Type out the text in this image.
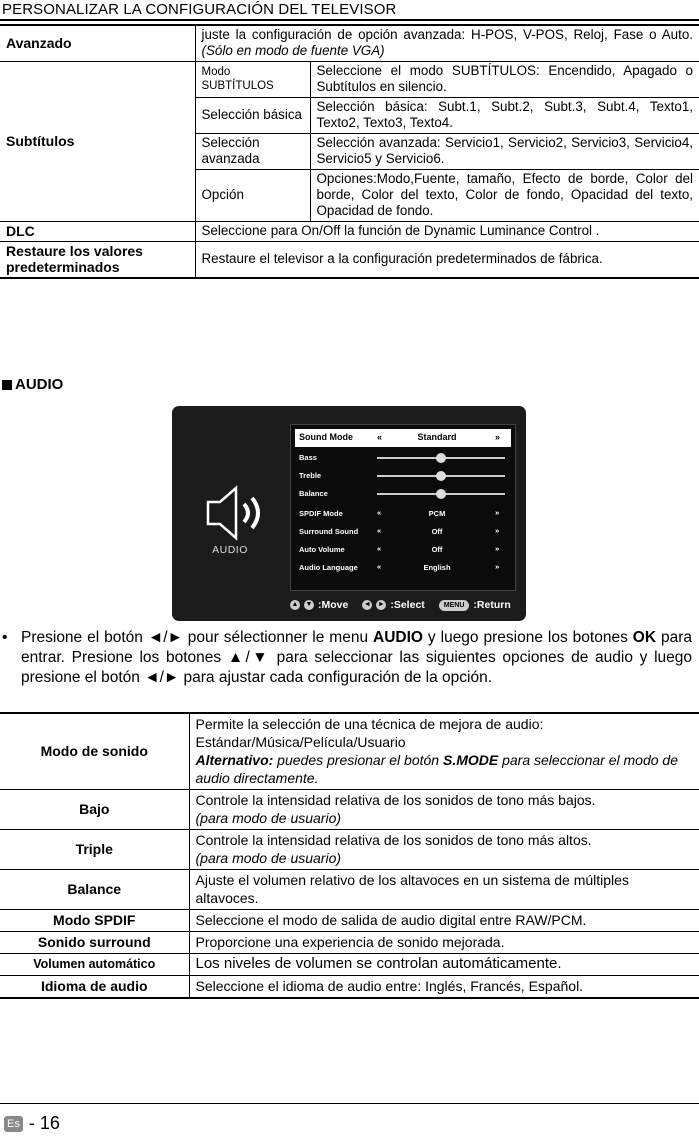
PERSONALIZAR LA CONFIGURACIÓN DEL TELEVISOR
Avanzado	juste la configuración de opción avanzada: H-POS, V-POS, Reloj, Fase o Auto. (Sólo en modo de fuente VGA)	
Subtítulos	Modo SUBTÍTULOS	Seleccione el modo SUBTÍTULOS: Encendido, Apagado o Subtítulos en silencio.
	Selección básica	Selección básica: Subt.1, Subt.2, Subt.3, Subt.4, Texto1, Texto2, Texto3, Texto4.
	Selección avanzada	Selección avanzada: Servicio1, Servicio2, Servicio3, Servicio4, Servicio5 y Servicio6.
	Opción	Opciones:Modo,Fuente, tamaño, Efecto de borde, Color del borde, Color del texto, Color de fondo, Opacidad del texto, Opacidad de fondo.
DLC	Seleccione para On/Off la función de Dynamic Luminance Control .	
Restaure los valores predeterminados	Restaure el televisor a la configuración predeterminados de fábrica.	
AUDIO
AUDIO
Sound Mode	«	Standard	»
Bass
Treble
Balance
SPDIF Mode	«	PCM	»
Surround Sound	«	Off	»
Auto Volume	«	Off	»
Audio Language	«	English	»
▲ ▼ :Move ◄ ► :Select	MENU :Return
• Presione el botón ◄/► pour sélectionner le menu AUDIO y luego presione los botones OK para entrar. Presione los botones ▲/▼ para seleccionar las siguientes opciones de audio y luego presione el botón ◄/► para ajustar cada configuración de la opción.
Modo de sonido	Permite la selección de una técnica de mejora de audio: Estándar/Música/Película/Usuario
Alternativo: puedes presionar el botón S.MODE para seleccionar el modo de audio directamente.
Bajo	Controle la intensidad relativa de los sonidos de tono más bajos.
(para modo de usuario)
Triple	Controle la intensidad relativa de los sonidos de tono más altos.
(para modo de usuario)
Balance	Ajuste el volumen relativo de los altavoces en un sistema de múltiples altavoces.
Modo SPDIF	Seleccione el modo de salida de audio digital entre RAW/PCM.
Sonido surround	Proporcione una experiencia de sonido mejorada.
Volumen automático	Los niveles de volumen se controlan automáticamente.
Idioma de audio	Seleccione el idioma de audio entre: Inglés, Francés, Español.
Es - 16
